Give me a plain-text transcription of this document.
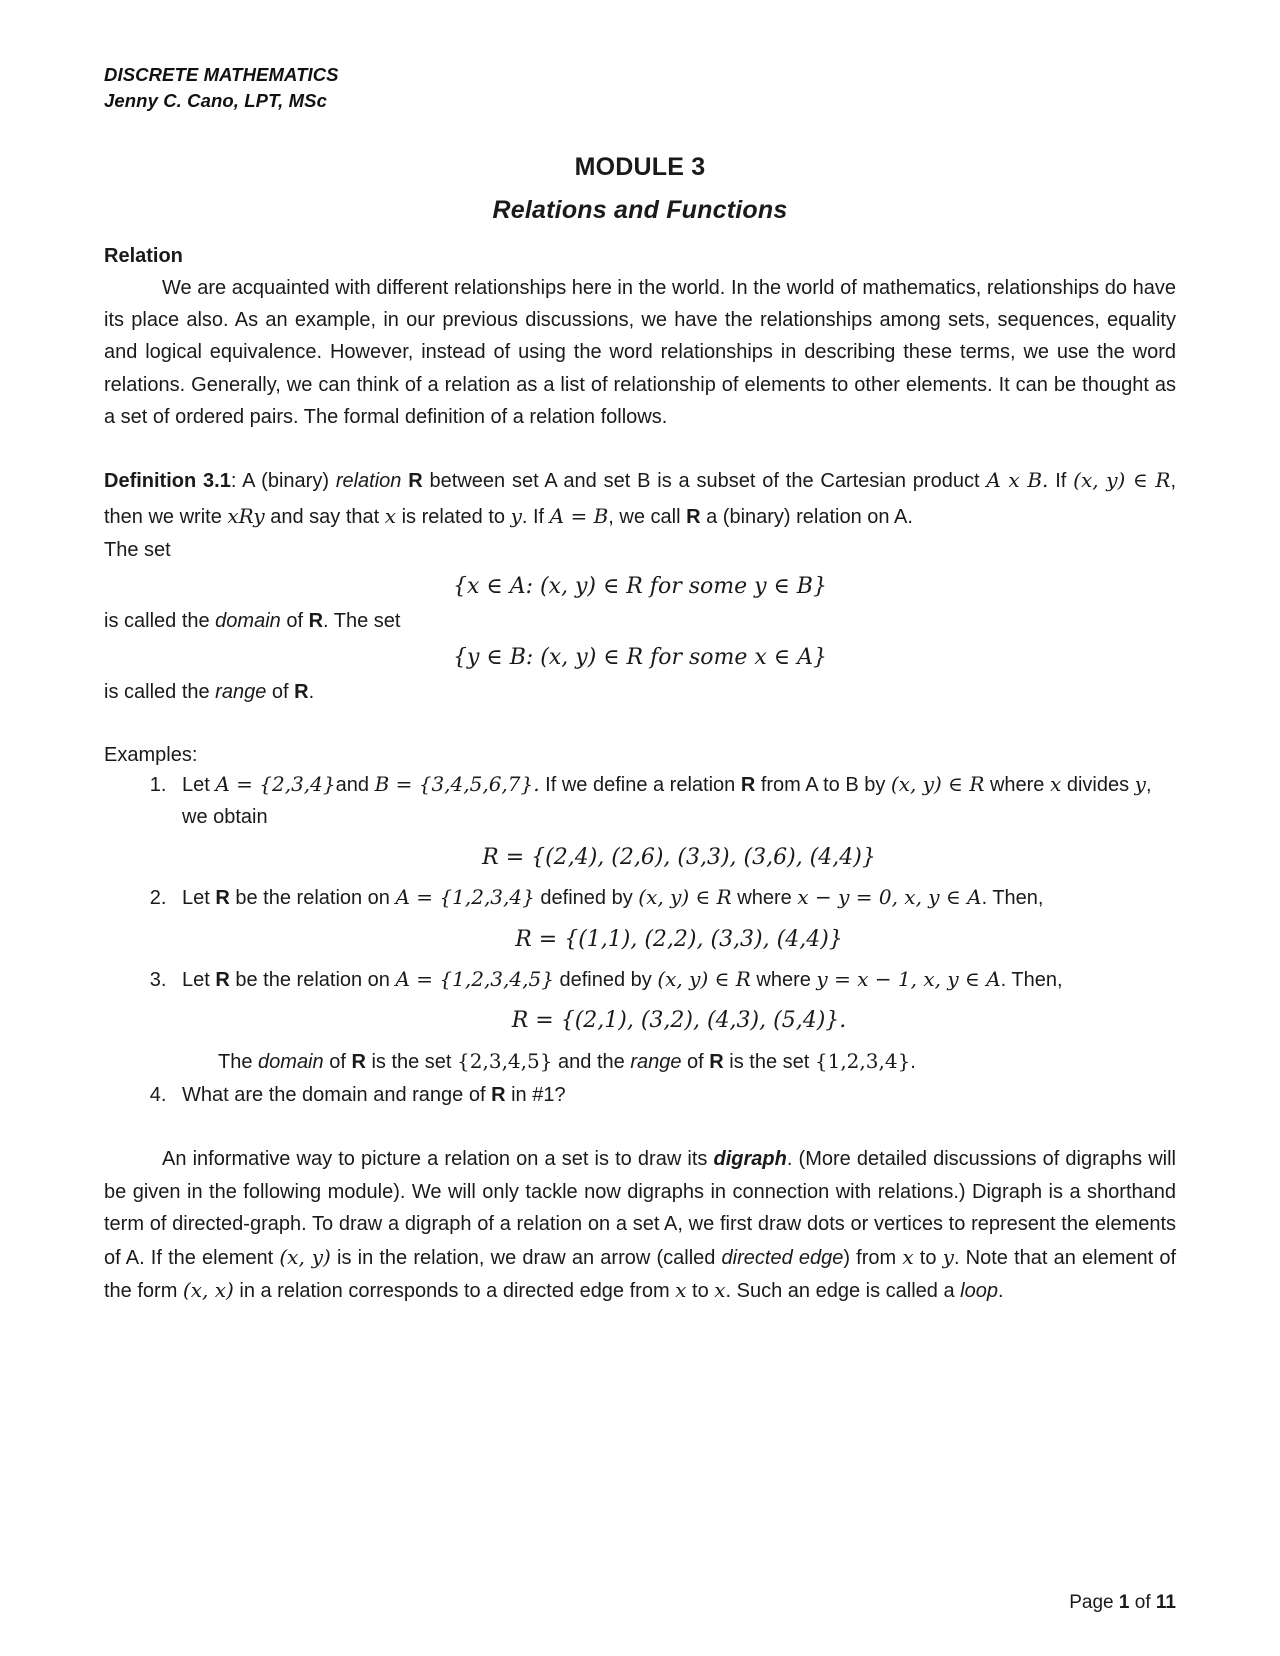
DISCRETE MATHEMATICS
Jenny C. Cano, LPT, MSc
MODULE 3
Relations and Functions
Relation

We are acquainted with different relationships here in the world. In the world of mathematics, relationships do have its place also. As an example, in our previous discussions, we have the relationships among sets, sequences, equality and logical equivalence. However, instead of using the word relationships in describing these terms, we use the word relations. Generally, we can think of a relation as a list of relationship of elements to other elements. It can be thought as a set of ordered pairs. The formal definition of a relation follows.

Definition 3.1: A (binary) relation R between set A and set B is a subset of the Cartesian product A x B. If (x, y) ∈ R, then we write xRy and say that x is related to y. If A = B, we call R a (binary) relation on A.
The set
{x ∈ A: (x, y) ∈ R for some y ∈ B}
is called the domain of R. The set
{y ∈ B: (x, y) ∈ R for some x ∈ A}
is called the range of R.
Examples:
1. Let A = {2,3,4}and B = {3,4,5,6,7}. If we define a relation R from A to B by (x, y) ∈ R where x divides y, we obtain
R = {(2,4), (2,6), (3,3), (3,6), (4,4)}
2. Let R be the relation on A = {1,2,3,4} defined by (x, y) ∈ R where x − y = 0, x, y ∈ A. Then,
R = {(1,1), (2,2), (3,3), (4,4)}
3. Let R be the relation on A = {1,2,3,4,5} defined by (x, y) ∈ R where y = x − 1, x, y ∈ A. Then,
R = {(2,1), (3,2), (4,3), (5,4)}.
The domain of R is the set {2,3,4,5} and the range of R is the set {1,2,3,4}.
4. What are the domain and range of R in #1?

An informative way to picture a relation on a set is to draw its digraph. (More detailed discussions of digraphs will be given in the following module). We will only tackle now digraphs in connection with relations.) Digraph is a shorthand term of directed-graph. To draw a digraph of a relation on a set A, we first draw dots or vertices to represent the elements of A. If the element (x, y) is in the relation, we draw an arrow (called directed edge) from x to y. Note that an element of the form (x, x) in a relation corresponds to a directed edge from x to x. Such an edge is called a loop.

Page 1 of 11
